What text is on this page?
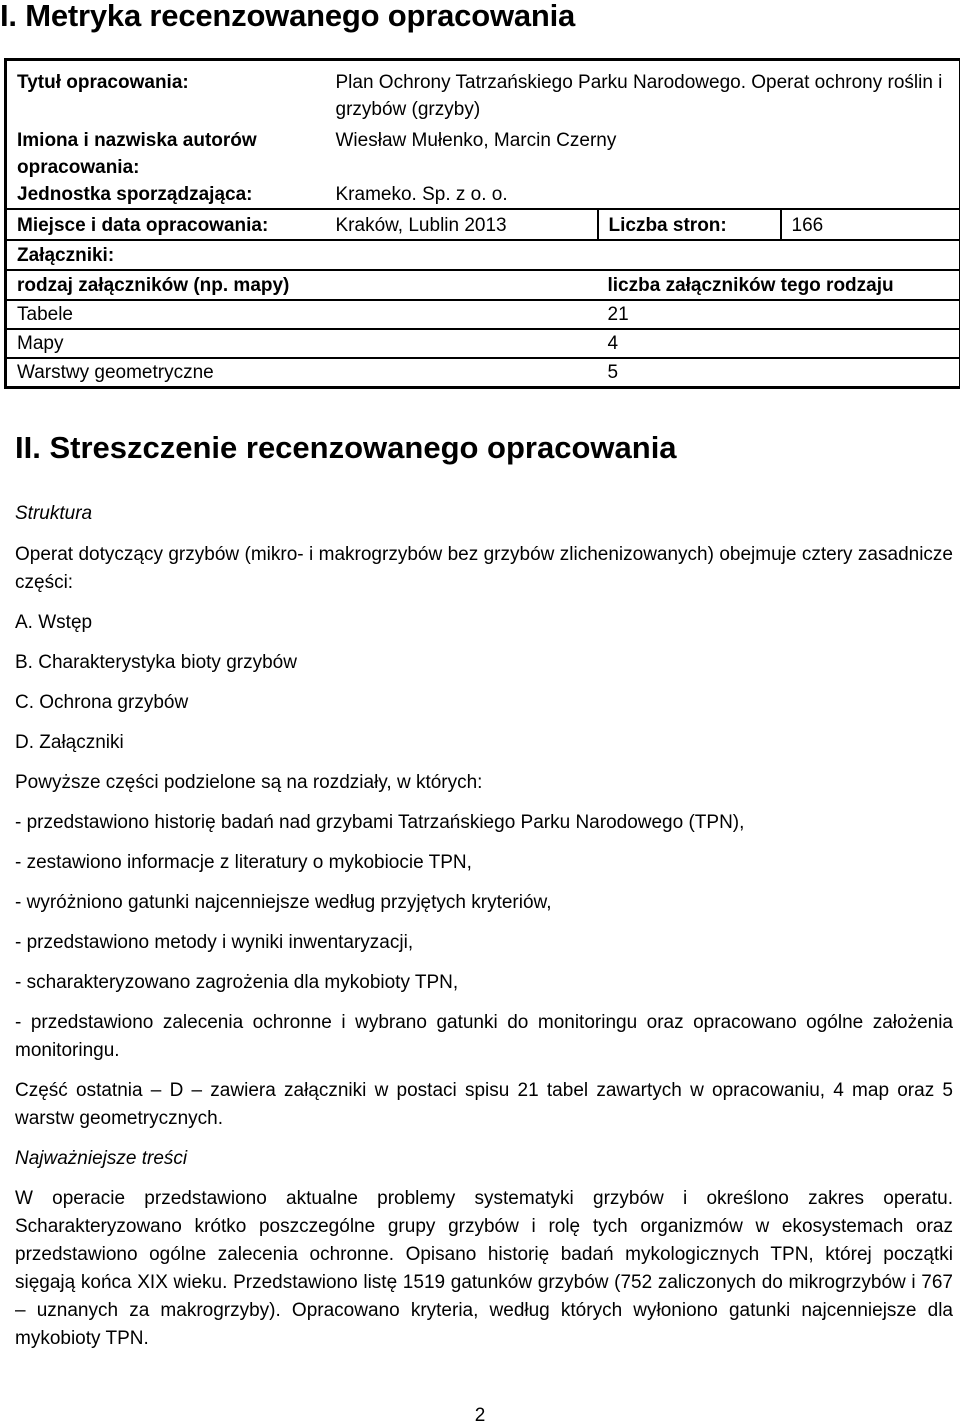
I. Metryka recenzowanego opracowania
Tytuł opracowania:	Plan Ochrony Tatrzańskiego Parku Narodowego. Operat ochrony roślin i grzybów (grzyby)		
Imiona i nazwiska autorów opracowania:	Wiesław Mułenko, Marcin Czerny		
Jednostka sporządzająca:	Krameko. Sp. z o. o.		
Miejsce i data opracowania:	Kraków, Lublin 2013	Liczba stron:	166
Załączniki:			
rodzaj załączników (np. mapy)		liczba załączników tego rodzaju	
Tabele		21	
Mapy		4	
Warstwy geometryczne		5	
II. Streszczenie recenzowanego opracowania

Struktura

Operat dotyczący grzybów (mikro- i makrogrzybów bez grzybów zlichenizowanych) obejmuje cztery zasadnicze części:

A. Wstęp

B. Charakterystyka bioty grzybów

C. Ochrona grzybów

D. Załączniki

Powyższe części podzielone są na rozdziały, w których:

- przedstawiono historię badań nad grzybami Tatrzańskiego Parku Narodowego (TPN),

- zestawiono informacje z literatury o mykobiocie TPN,

- wyróżniono gatunki najcenniejsze według przyjętych kryteriów,

- przedstawiono metody i wyniki inwentaryzacji,

- scharakteryzowano zagrożenia dla mykobioty TPN,

- przedstawiono zalecenia ochronne i wybrano gatunki do monitoringu oraz opracowano ogólne założenia monitoringu.

Część ostatnia – D – zawiera załączniki w postaci spisu 21 tabel zawartych w opracowaniu, 4 map oraz 5 warstw geometrycznych.

Najważniejsze treści

W operacie przedstawiono aktualne problemy systematyki grzybów i określono zakres operatu. Scharakteryzowano krótko poszczególne grupy grzybów i rolę tych organizmów w ekosystemach oraz przedstawiono ogólne zalecenia ochronne. Opisano historię badań mykologicznych TPN, której początki sięgają końca XIX wieku. Przedstawiono listę 1519 gatunków grzybów (752 zaliczonych do mikrogrzybów i 767 – uznanych za makrogrzyby). Opracowano kryteria, według których wyłoniono gatunki najcenniejsze dla mykobioty TPN.

2
